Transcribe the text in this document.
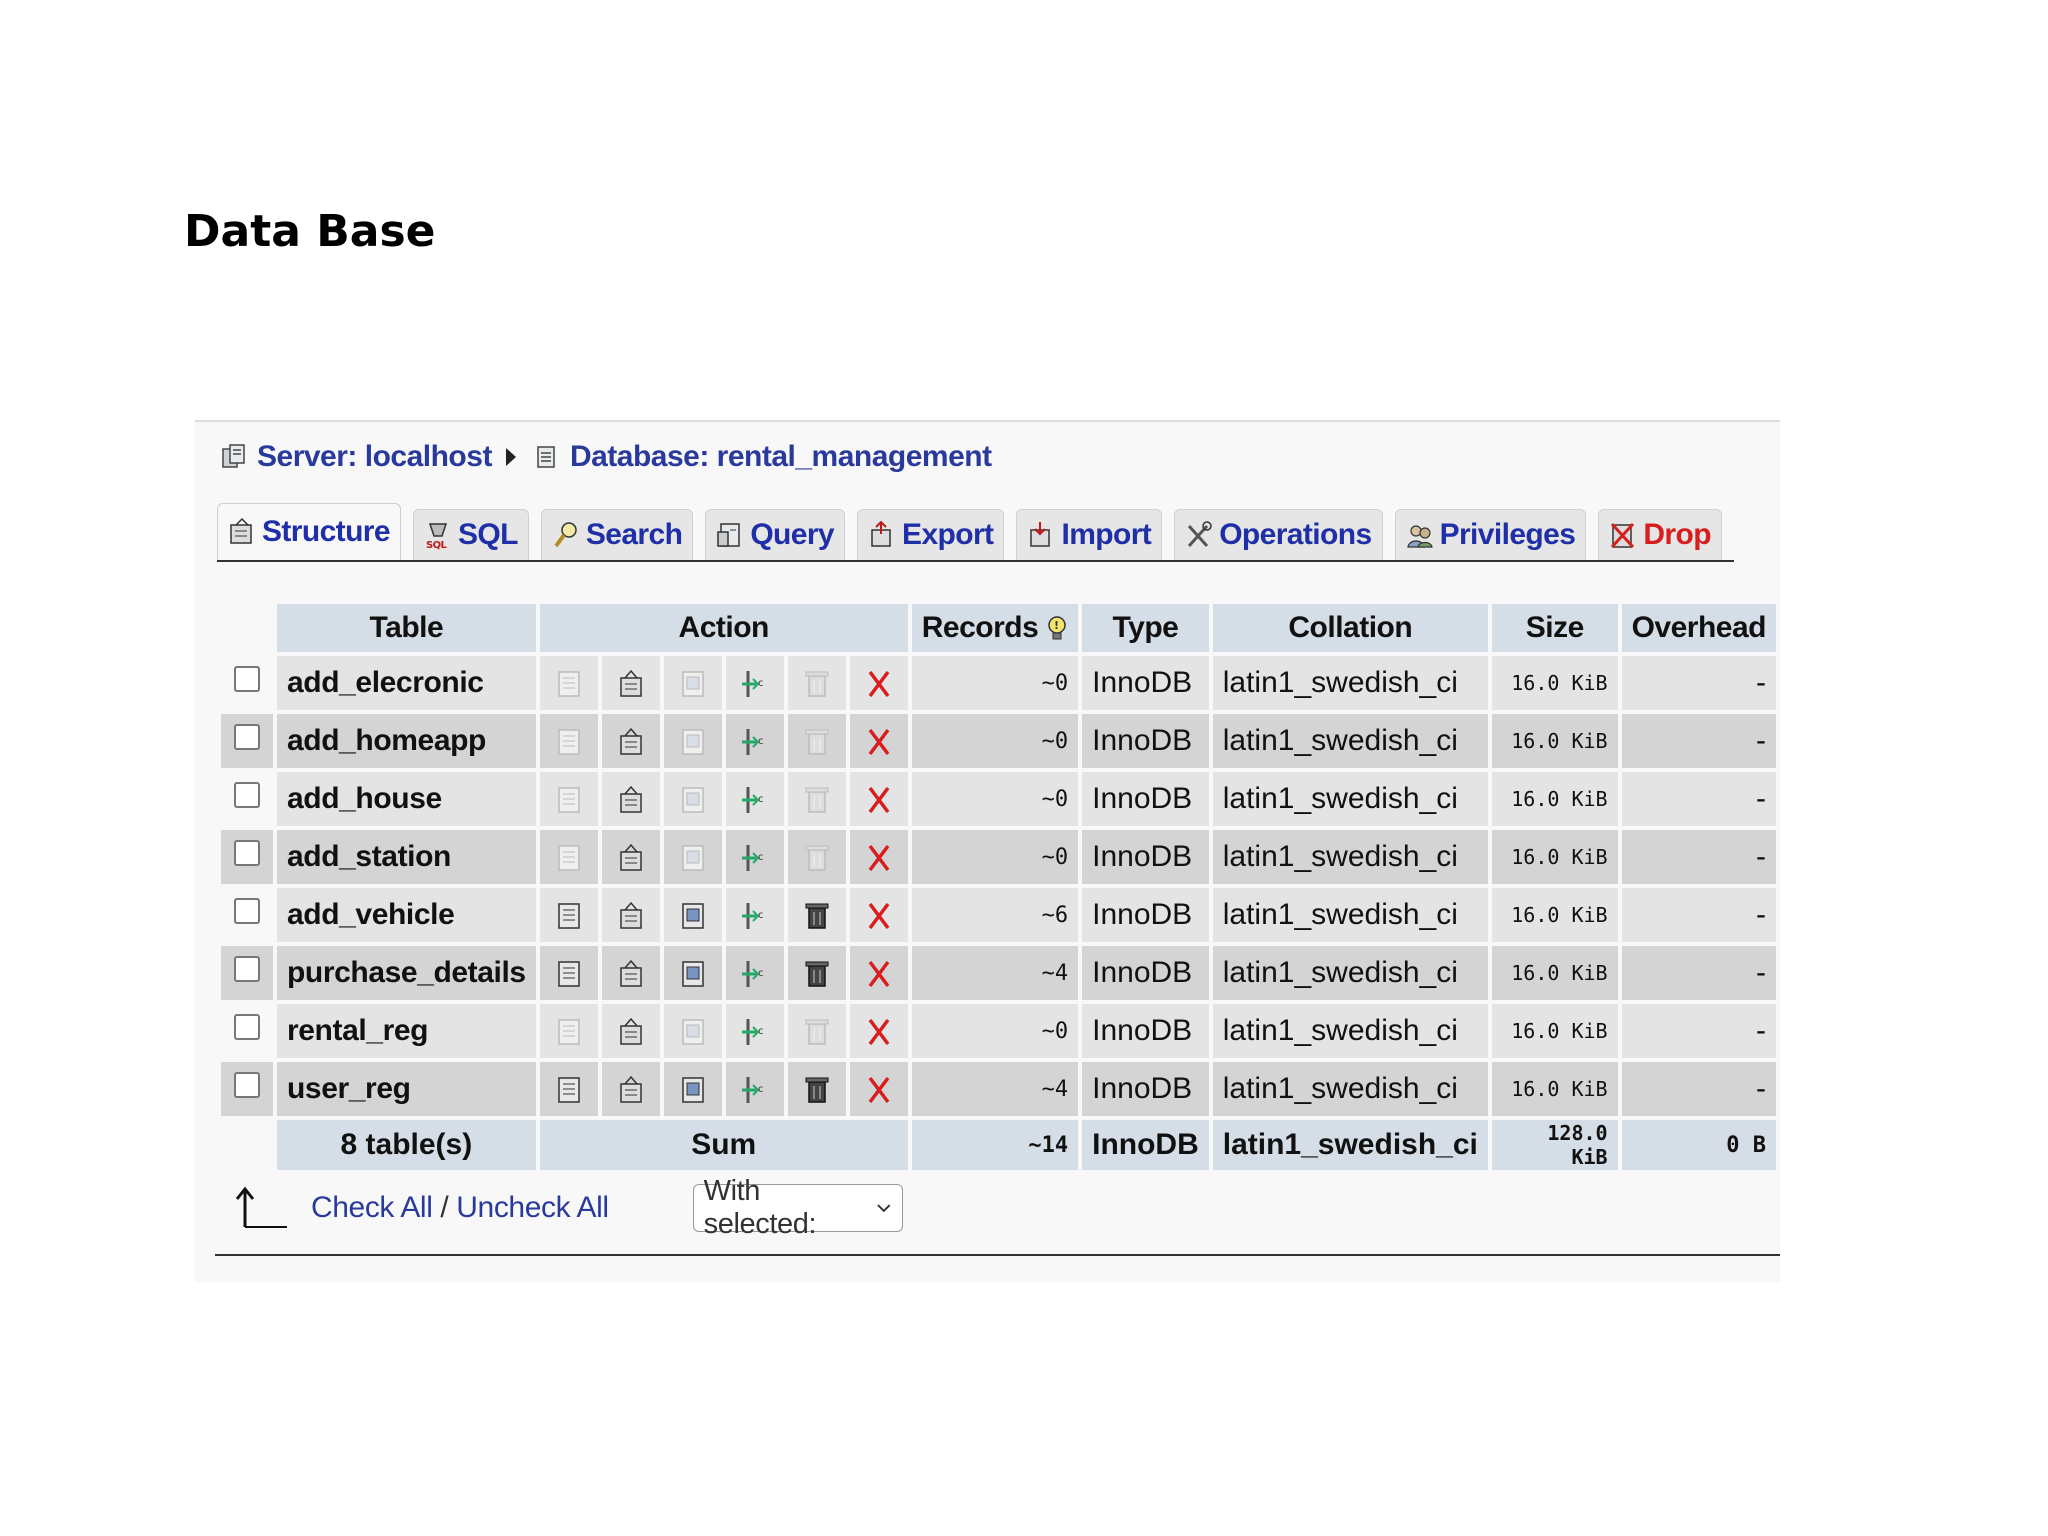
Data Base
Server: localhost	Database: rental_management
Structure	SQL SQL Search Query Export Import Operations Privileges Drop
	Table	Action						Records !	Type	Collation	Size	Overhead
	add_elecronic				c			~0	InnoDB	latin1_swedish_ci	16.0 KiB	-
	add_homeapp				c			~0	InnoDB	latin1_swedish_ci	16.0 KiB	-
	add_house				c			~0	InnoDB	latin1_swedish_ci	16.0 KiB	-
	add_station				c			~0	InnoDB	latin1_swedish_ci	16.0 KiB	-
	add_vehicle				c			~6	InnoDB	latin1_swedish_ci	16.0 KiB	-
	purchase_details				c			~4	InnoDB	latin1_swedish_ci	16.0 KiB	-
	rental_reg				c			~0	InnoDB	latin1_swedish_ci	16.0 KiB	-
	user_reg				c			~4	InnoDB	latin1_swedish_ci	16.0 KiB	-
	8 table(s)	Sum						~14	InnoDB	latin1_swedish_ci	128.0 KiB	0 B
Check All / Uncheck All	With selected:
